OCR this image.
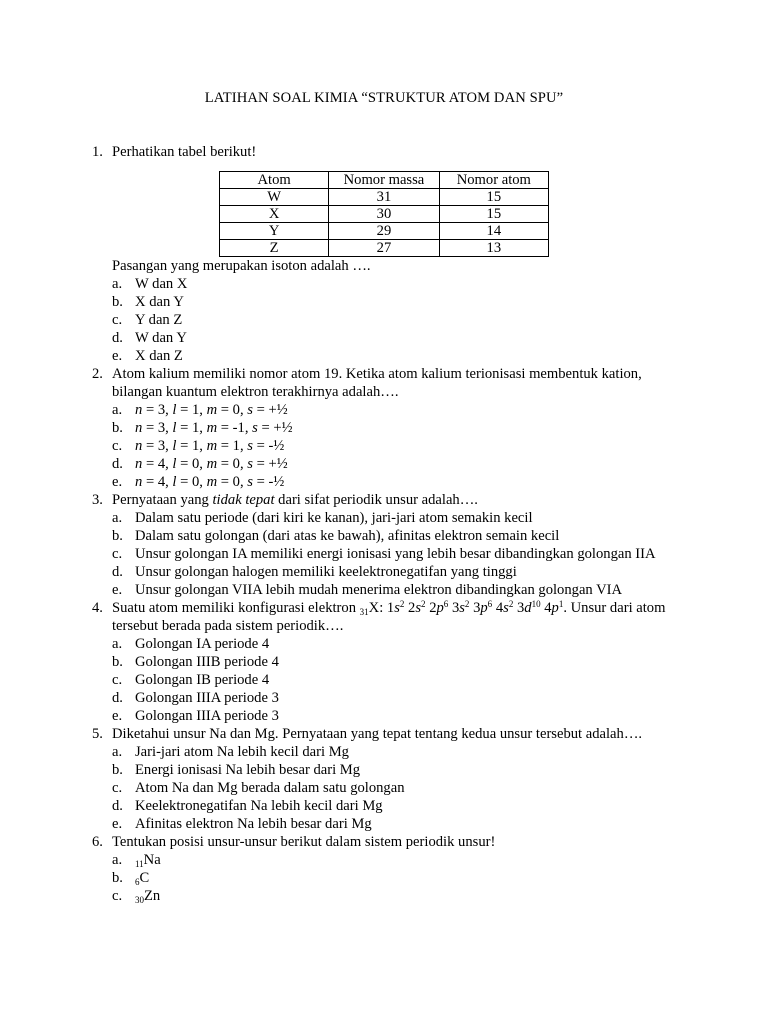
LATIHAN SOAL KIMIA “STRUKTUR ATOM DAN SPU”
1. Perhatikan tabel berikut!
Atom	Nomor massa	Nomor atom
W	31	15
X	30	15
Y	29	14
Z	27	13
Pasangan yang merupakan isoton adalah ….
a. W dan X
b. X dan Y
c. Y dan Z
d. W dan Y
e. X dan Z
2. Atom kalium memiliki nomor atom 19. Ketika atom kalium terionisasi membentuk kation, bilangan kuantum elektron terakhirnya adalah….
a. n = 3, l = 1, m = 0, s = +½
b. n = 3, l = 1, m = -1, s = +½
c. n = 3, l = 1, m = 1, s = -½
d. n = 4, l = 0, m = 0, s = +½
e. n = 4, l = 0, m = 0, s = -½
3. Pernyataan yang tidak tepat dari sifat periodik unsur adalah….
a. Dalam satu periode (dari kiri ke kanan), jari-jari atom semakin kecil
b. Dalam satu golongan (dari atas ke bawah), afinitas elektron semain kecil
c. Unsur golongan IA memiliki energi ionisasi yang lebih besar dibandingkan golongan IIA
d. Unsur golongan halogen memiliki keelektronegatifan yang tinggi
e. Unsur golongan VIIA lebih mudah menerima elektron dibandingkan golongan VIA
4. Suatu atom memiliki konfigurasi elektron $_{31}$X: $1s^2$ $2s^2$ $2p^6$ $3s^2$ $3p^6$ $4s^2$ $3d^{10}$ $4p^1$. Unsur dari atom tersebut berada pada sistem periodik….
a. Golongan IA periode 4
b. Golongan IIIB periode 4
c. Golongan IB periode 4
d. Golongan IIIA periode 3
e. Golongan IIIA periode 3
5. Diketahui unsur Na dan Mg. Pernyataan yang tepat tentang kedua unsur tersebut adalah….
a. Jari-jari atom Na lebih kecil dari Mg
b. Energi ionisasi Na lebih besar dari Mg
c. Atom Na dan Mg berada dalam satu golongan
d. Keelektronegatifan Na lebih kecil dari Mg
e. Afinitas elektron Na lebih besar dari Mg
6. Tentukan posisi unsur-unsur berikut dalam sistem periodik unsur!
a. $_{11}$Na
b. $_6$C
c. $_{30}$Zn
